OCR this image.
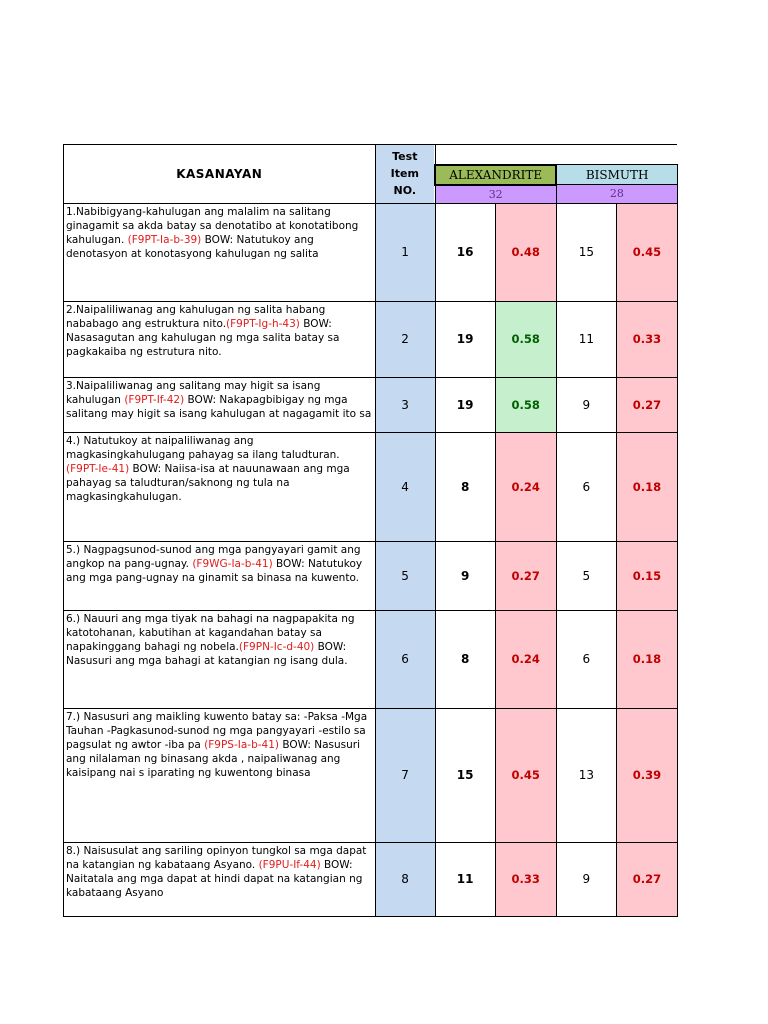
KASANAYAN	Test
Item
NO.				
		ALEXANDRITE		BISMUTH	
		32		28	
1.Nabibigyang-kahulugan ang malalim na salitang ginagamit sa akda batay sa denotatibo at konotatibong kahulugan. (F9PT-Ia-b-39) BOW: Natutukoy ang denotasyon at konotasyong kahulugan ng salita	1	16	0.48	15	0.45
2.Naipaliliwanag ang kahulugan ng salita habang nababago ang estruktura nito.(F9PT-Ig-h-43) BOW: Nasasagutan ang kahulugan ng mga salita batay sa pagkakaiba ng estrutura nito.	2	19	0.58	11	0.33
3.Naipaliliwanag ang salitang may higit sa isang kahulugan (F9PT-If-42) BOW: Nakapagbibigay ng mga salitang may higit sa isang kahulugan at nagagamit ito sa	3	19	0.58	9	0.27
4.) Natutukoy at naipaliliwanag ang magkasingkahulugang pahayag sa ilang taludturan. (F9PT-Ie-41) BOW: Naiisa-isa at nauunawaan ang mga pahayag sa taludturan/saknong ng tula na magkasingkahulugan.	4	8	0.24	6	0.18
5.) Nagpagsunod-sunod ang mga pangyayari gamit ang angkop na pang-ugnay. (F9WG-Ia-b-41) BOW: Natutukoy ang mga pang-ugnay na ginamit sa binasa na kuwento.	5	9	0.27	5	0.15
6.) Nauuri ang mga tiyak na bahagi na nagpapakita ng katotohanan, kabutihan at kagandahan batay sa napakinggang bahagi ng nobela.(F9PN-Ic-d-40) BOW: Nasusuri ang mga bahagi at katangian ng isang dula.	6	8	0.24	6	0.18
7.) Nasusuri ang maikling kuwento batay sa: -Paksa -Mga Tauhan -Pagkasunod-sunod ng mga pangyayari -estilo sa pagsulat ng awtor -iba pa (F9PS-Ia-b-41) BOW: Nasusuri ang nilalaman ng binasang akda , naipaliwanag ang kaisipang nai s iparating ng kuwentong binasa	7	15	0.45	13	0.39
8.) Naisusulat ang sariling opinyon tungkol sa mga dapat na katangian ng kabataang Asyano. (F9PU-If-44) BOW: Naitatala ang mga dapat at hindi dapat na katangian ng kabataang Asyano	8	11	0.33	9	0.27
